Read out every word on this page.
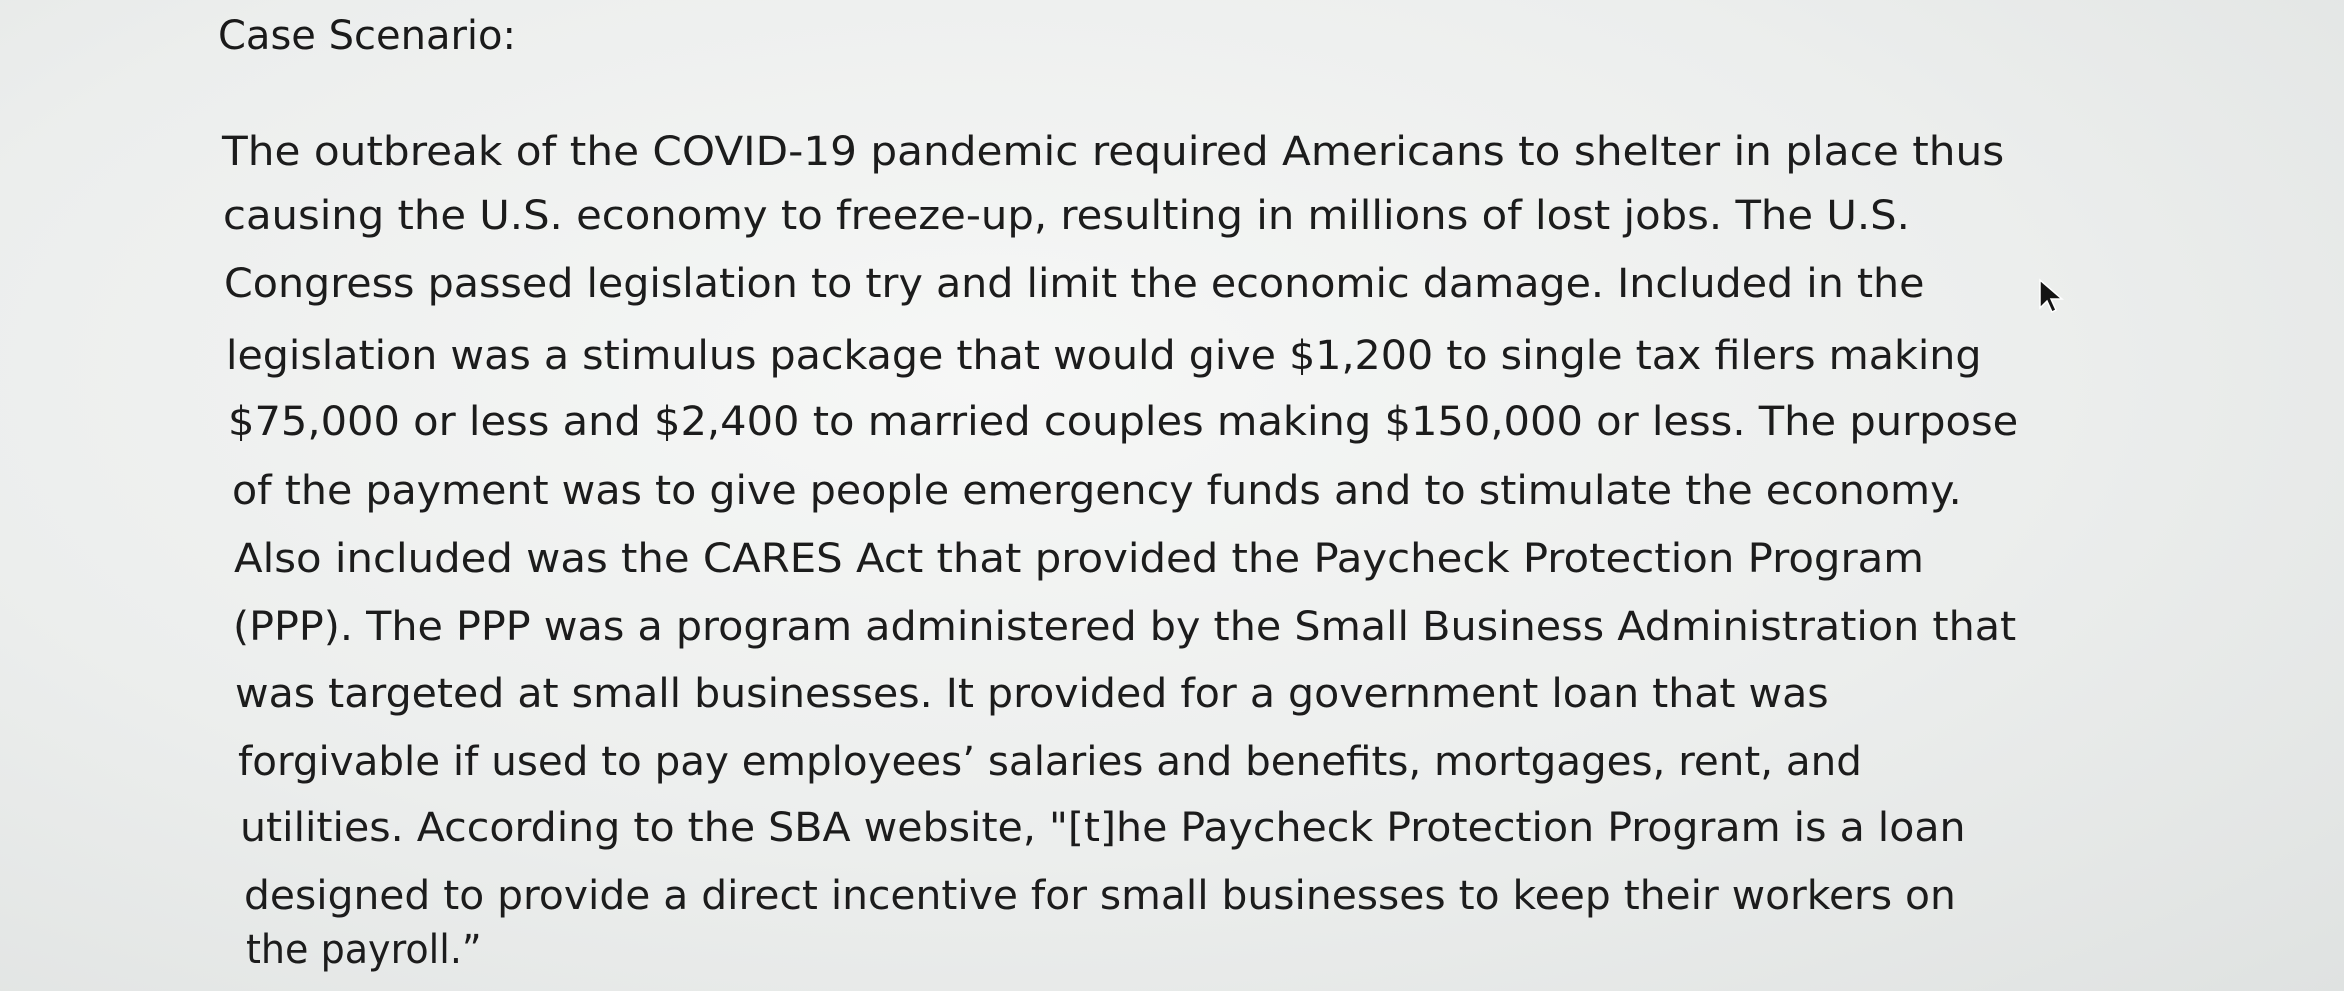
Case Scenario:
The outbreak of the COVID-19 pandemic required Americans to shelter in place thus
causing the U.S. economy to freeze-up, resulting in millions of lost jobs. The U.S.
Congress passed legislation to try and limit the economic damage. Included in the
legislation was a stimulus package that would give $1,200 to single tax filers making
$75,000 or less and $2,400 to married couples making $150,000 or less. The purpose
of the payment was to give people emergency funds and to stimulate the economy.
Also included was the CARES Act that provided the Paycheck Protection Program
(PPP). The PPP was a program administered by the Small Business Administration that
was targeted at small businesses. It provided for a government loan that was
forgivable if used to pay employees’ salaries and benefits, mortgages, rent, and
utilities. According to the SBA website, "[t]he Paycheck Protection Program is a loan
designed to provide a direct incentive for small businesses to keep their workers on
the payroll.”
